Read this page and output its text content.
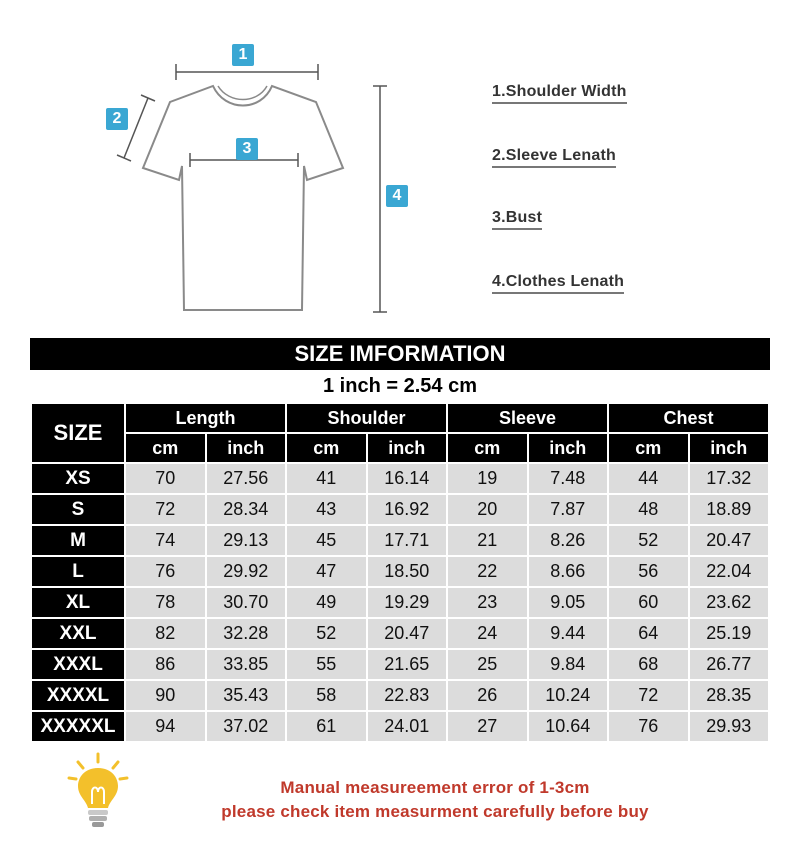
1
2
3
4
1.Shoulder Width
2.Sleeve Lenath
3.Bust
4.Clothes Lenath
SIZE IMFORMATION
1 inch = 2.54 cm
SIZE	Length		Shoulder		Sleeve		Chest	
	cm	inch	cm	inch	cm	inch	cm	inch
XS	70	27.56	41	16.14	19	7.48	44	17.32
S	72	28.34	43	16.92	20	7.87	48	18.89
M	74	29.13	45	17.71	21	8.26	52	20.47
L	76	29.92	47	18.50	22	8.66	56	22.04
XL	78	30.70	49	19.29	23	9.05	60	23.62
XXL	82	32.28	52	20.47	24	9.44	64	25.19
XXXL	86	33.85	55	21.65	25	9.84	68	26.77
XXXXL	90	35.43	58	22.83	26	10.24	72	28.35
XXXXXL	94	37.02	61	24.01	27	10.64	76	29.93
Manual measureement error of 1-3cm
please check item measurment carefully before buy
